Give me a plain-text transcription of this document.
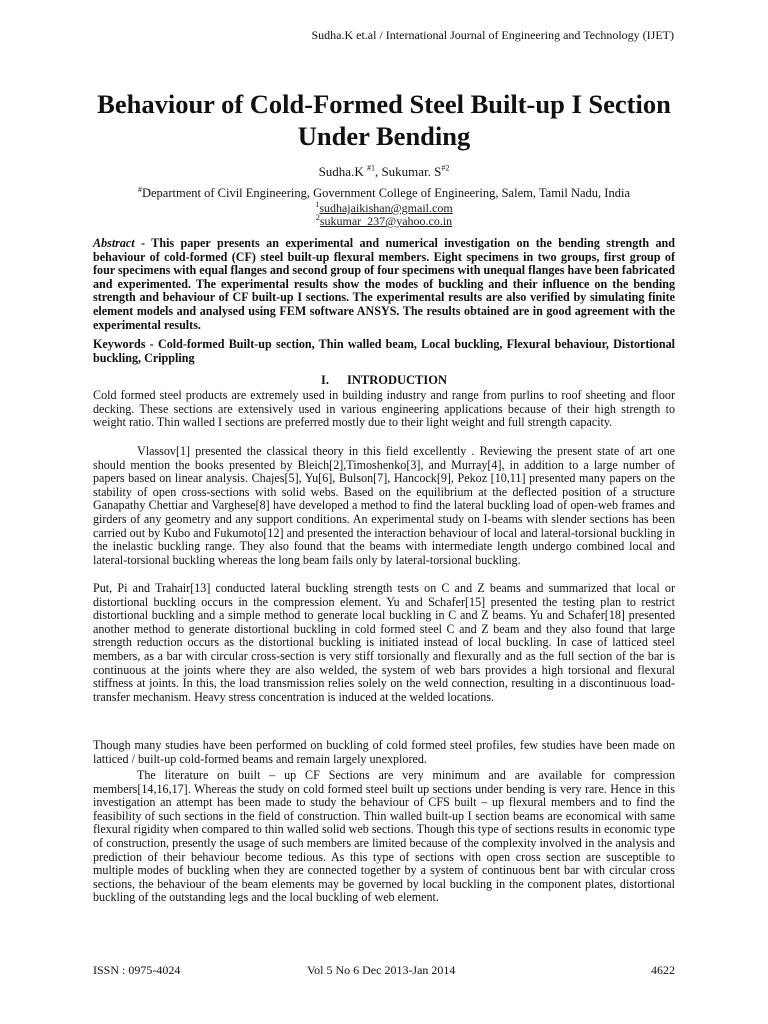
Sudha.K et.al / International Journal of Engineering and Technology (IJET)
Behaviour of Cold-Formed Steel Built-up I Section Under Bending
Sudha.K $^{\#1}$, Sukumar. $S^{\#2}$
#Department of Civil Engineering, Government College of Engineering, Salem, Tamil Nadu, India
$^1$sudhajaikishan@gmail.com
$^2$sukumar_237@yahoo.co.in

Abstract - This paper presents an experimental and numerical investigation on the bending strength and behaviour of cold-formed (CF) steel built-up flexural members. Eight specimens in two groups, first group of four specimens with equal flanges and second group of four specimens with unequal flanges have been fabricated and experimented. The experimental results show the modes of buckling and their influence on the bending strength and behaviour of CF built-up I sections. The experimental results are also verified by simulating finite element models and analysed using FEM software ANSYS. The results obtained are in good agreement with the experimental results.

Keywords - Cold-formed Built-up section, Thin walled beam, Local buckling, Flexural behaviour, Distortional buckling, Crippling

I. INTRODUCTION

Cold formed steel products are extremely used in building industry and range from purlins to roof sheeting and floor decking. These sections are extensively used in various engineering applications because of their high strength to weight ratio. Thin walled I sections are preferred mostly due to their light weight and full strength capacity.

Vlassov[1] presented the classical theory in this field excellently . Reviewing the present state of art one should mention the books presented by Bleich[2],Timoshenko[3], and Murray[4], in addition to a large number of papers based on linear analysis. Chajes[5], Yu[6], Bulson[7], Hancock[9], Pekoz [10,11] presented many papers on the stability of open cross-sections with solid webs. Based on the equilibrium at the deflected position of a structure Ganapathy Chettiar and Varghese[8] have developed a method to find the lateral buckling load of open-web frames and girders of any geometry and any support conditions. An experimental study on I-beams with slender sections has been carried out by Kubo and Fukumoto[12] and presented the interaction behaviour of local and lateral-torsional buckling in the inelastic buckling range. They also found that the beams with intermediate length undergo combined local and lateral-torsional buckling whereas the long beam fails only by lateral-torsional buckling.

Put, Pi and Trahair[13] conducted lateral buckling strength tests on C and Z beams and summarized that local or distortional buckling occurs in the compression element. Yu and Schafer[15] presented the testing plan to restrict distortional buckling and a simple method to generate local buckling in C and Z beams. Yu and Schafer[18] presented another method to generate distortional buckling in cold formed steel C and Z beam and they also found that large strength reduction occurs as the distortional buckling is initiated instead of local buckling. In case of latticed steel members, as a bar with circular cross-section is very stiff torsionally and flexurally and as the full section of the bar is continuous at the joints where they are also welded, the system of web bars provides a high torsional and flexural stiffness at joints. In this, the load transmission relies solely on the weld connection, resulting in a discontinuous load-transfer mechanism. Heavy stress concentration is induced at the welded locations.

Though many studies have been performed on buckling of cold formed steel profiles, few studies have been made on latticed / built-up cold-formed beams and remain largely unexplored.

The literature on built – up CF Sections are very minimum and are available for compression members[14,16,17]. Whereas the study on cold formed steel built up sections under bending is very rare. Hence in this investigation an attempt has been made to study the behaviour of CFS built – up flexural members and to find the feasibility of such sections in the field of construction. Thin walled built-up I section beams are economical with same flexural rigidity when compared to thin walled solid web sections. Though this type of sections results in economic type of construction, presently the usage of such members are limited because of the complexity involved in the analysis and prediction of their behaviour become tedious. As this type of sections with open cross section are susceptible to multiple modes of buckling when they are connected together by a system of continuous bent bar with circular cross sections, the behaviour of the beam elements may be governed by local buckling in the component plates, distortional buckling of the outstanding legs and the local buckling of web element.

ISSN : 0975-4024	Vol 5 No 6 Dec 2013-Jan 2014	4622
